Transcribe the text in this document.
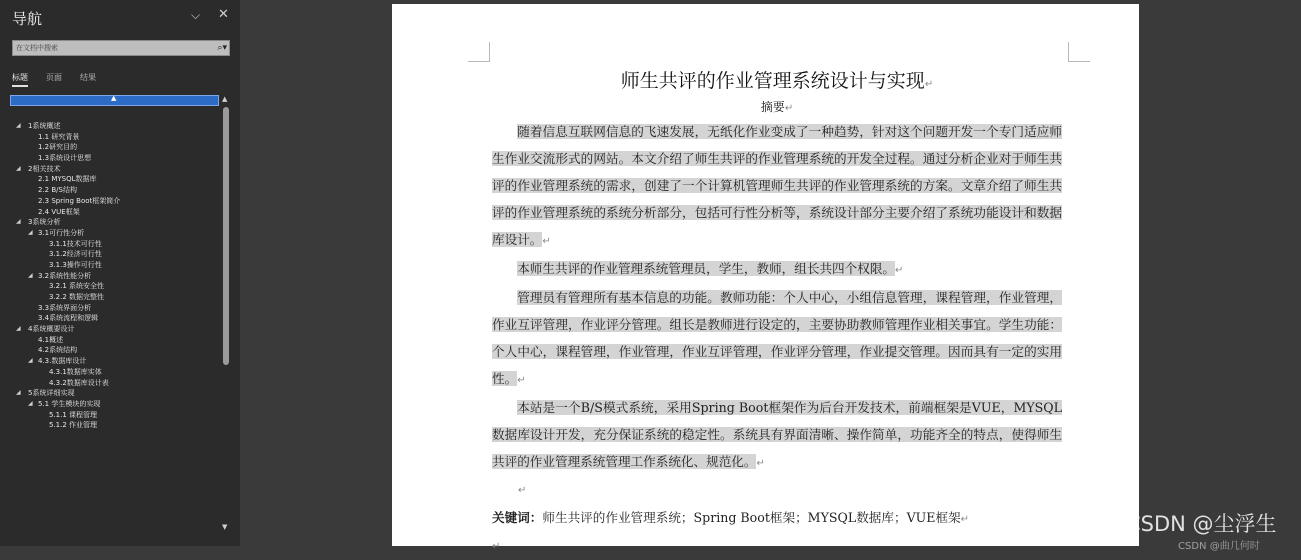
导航	⌵ ✕
在文档中搜索
⌕▾
标题 页面 结果
▲
◢ 1系统概述
1.1 研究背景
1.2研究目的
1.3系统设计思想
◢ 2相关技术
2.1 MYSQL数据库
2.2 B/S结构
2.3 Spring Boot框架简介
2.4 VUE框架
◢ 3系统分析
◢ 3.1可行性分析
3.1.1技术可行性
3.1.2经济可行性
3.1.3操作可行性
◢ 3.2系统性能分析
3.2.1 系统安全性
3.2.2 数据完整性
3.3系统界面分析
3.4系统流程和逻辑
◢ 4系统概要设计
4.1概述
4.2系统结构
◢ 4.3.数据库设计
4.3.1数据库实体
4.3.2数据库设计表
◢ 5系统详细实现
◢ 5.1 学生模块的实现
5.1.1 课程管理
5.1.2 作业管理
▲
▼
师生共评的作业管理系统设计与实现↵
摘要↵

随着信息互联网信息的飞速发展，无纸化作业变成了一种趋势，针对这个问题开发一个专门适应师生作业交流形式的网站。本文介绍了师生共评的作业管理系统的开发全过程。通过分析企业对于师生共评的作业管理系统的需求，创建了一个计算机管理师生共评的作业管理系统的方案。文章介绍了师生共评的作业管理系统的系统分析部分，包括可行性分析等，系统设计部分主要介绍了系统功能设计和数据库设计。↵

本师生共评的作业管理系统管理员，学生，教师，组长共四个权限。↵

管理员有管理所有基本信息的功能。教师功能：个人中心，小组信息管理，课程管理，作业管理，作业互评管理，作业评分管理。组长是教师进行设定的，主要协助教师管理作业相关事宜。学生功能：个人中心，课程管理，作业管理，作业互评管理，作业评分管理，作业提交管理。因而具有一定的实用性。↵

本站是一个B/S模式系统，采用Spring Boot框架作为后台开发技术，前端框架是VUE，MYSQL数据库设计开发，充分保证系统的稳定性。系统具有界面清晰、操作简单，功能齐全的特点，使得师生共评的作业管理系统管理工作系统化、规范化。↵

↵

关键词：师生共评的作业管理系统；Spring Boot框架；MYSQL数据库；VUE框架↵

↵
CSDN @尘浮生
CSDN @曲几何时
